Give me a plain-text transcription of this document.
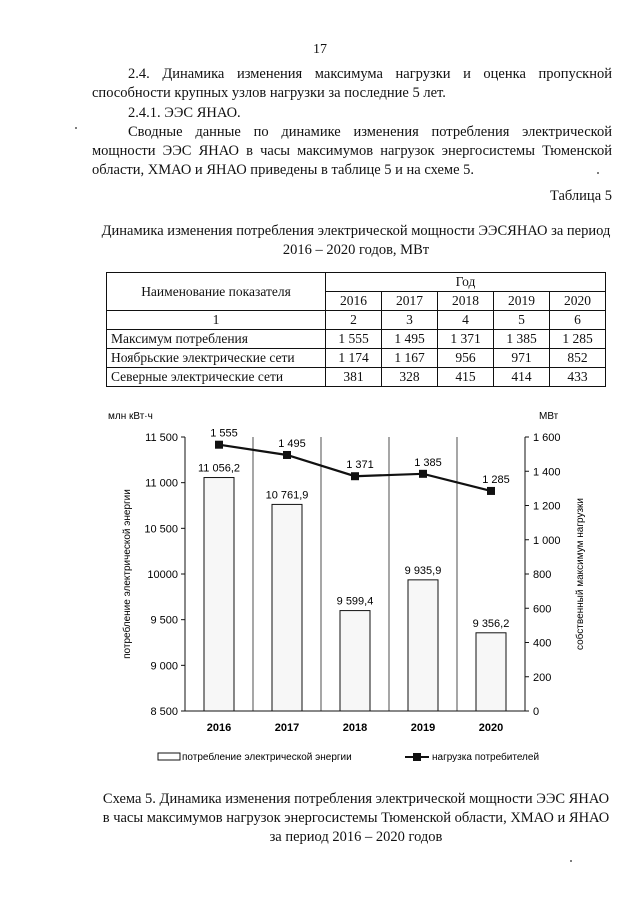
17

2.4. Динамика изменения максимума нагрузки и оценка пропускной способности крупных узлов нагрузки за последние 5 лет.

2.4.1. ЭЭС ЯНАО.

Сводные данные по динамике изменения потребления электрической мощности ЭЭС ЯНАО в часы максимумов нагрузок энергосистемы Тюменской области, ХМАО и ЯНАО приведены в таблице 5 и на схеме 5.

Таблица 5
Динамика изменения потребления электрической мощности ЭЭСЯНАО за период 2016 – 2020 годов, МВт
Наименование показателя	Год				
	2016	2017	2018	2019	2020
1	2	3	4	5	6
Максимум потребления	1 555	1 495	1 371	1 385	1 285
Ноябрьские электрические сети	1 174	1 167	956	971	852
Северные электрические сети	381	328	415	414	433
8 500
9 000
9 500
10000
10 500
11 000
11 500
0
200
400
600
800
1 000
1 200
1 400
1 600
млн кВт·ч	МВт
потребление электрической энергии	собственный максимум нагрузки
11 056,2
10 761,9
9 599,4
9 935,9
9 356,2
2016	2017	2018	2019	2020
1 555
1 495
1 371	1 385
1 285
потребление электрической энергии	нагрузка потребителей
Схема 5. Динамика изменения потребления электрической мощности ЭЭС ЯНАО в часы максимумов нагрузок энергосистемы Тюменской области, ХМАО и ЯНАО за период 2016 – 2020 годов
